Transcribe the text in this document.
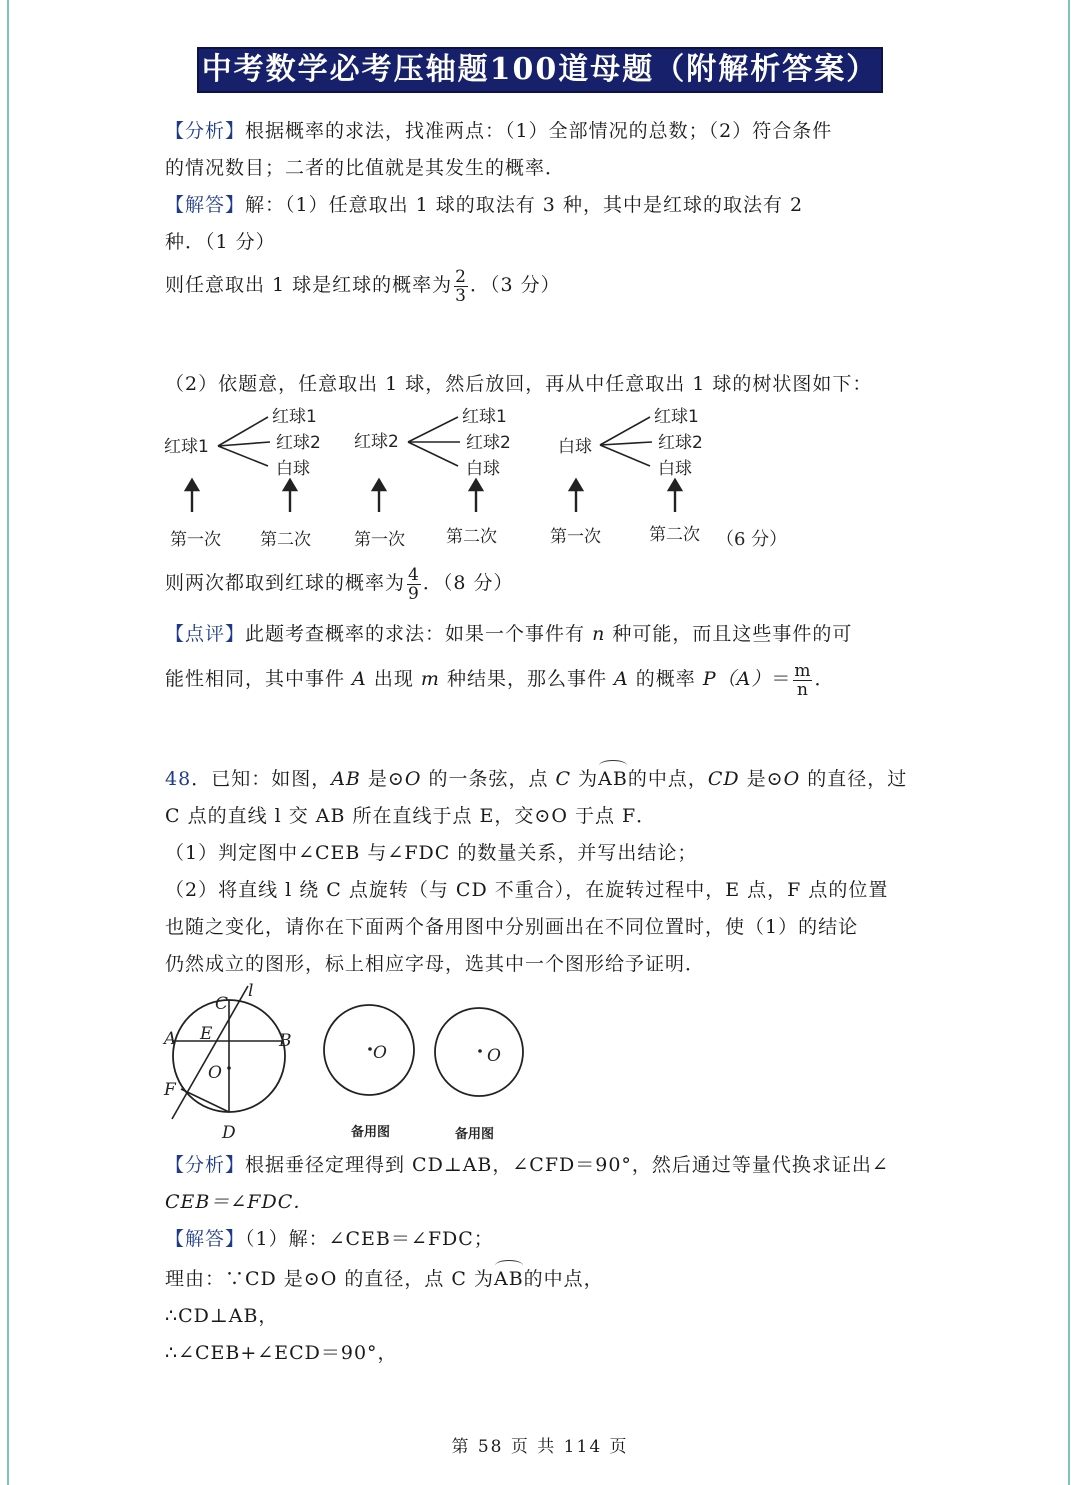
中考数学必考压轴题100道母题（附解析答案）
【分析】根据概率的求法，找准两点：（1）全部情况的总数；（2）符合条件
的情况数目；二者的比值就是其发生的概率．
【解答】解：（1）任意取出 1 球的取法有 3 种，其中是红球的取法有 2
种．（1 分）
则任意取出 1 球是红球的概率为 $\frac{2}{3}$ ．（3 分）
（2）依题意，任意取出 1 球，然后放回，再从中任意取出 1 球的树状图如下：
红球1
红球1
红球2
白球
红球2
红球1
红球2
白球
白球
红球1
红球2
白球
第一次 第二次	第一次 第二次	第一次	第二次 （6 分）
则两次都取到红球的概率为 $\frac{4}{9}$ ．（8 分）
【点评】此题考查概率的求法：如果一个事件有 n 种可能，而且这些事件的可
能性相同，其中事件 A 出现 m 种结果，那么事件 A 的概率 $P(A)= \frac{m}{n}$ ．
48．已知：如图，AB 是⊙O 的一条弦，点 C 为AB的中点，CD 是⊙O 的直径，过
C 点的直线 l 交 AB 所在直线于点 E，交⊙O 于点 F．
（1）判定图中∠CEB 与∠FDC 的数量关系，并写出结论；
（2）将直线 l 绕 C 点旋转（与 CD 不重合），在旋转过程中，E 点，F 点的位置
也随之变化，请你在下面两个备用图中分别画出在不同位置时，使（1）的结论
仍然成立的图形，标上相应字母，选其中一个图形给予证明．
C
l
A E	B
O
F
D
O
备用图
O
备用图
【分析】根据垂径定理得到 CD⊥AB，∠CFD＝90°，然后通过等量代换求证出∠
CEB＝∠FDC．
【解答】（1）解：∠CEB＝∠FDC；
理由：∵CD 是⊙O 的直径，点 C 为AB的中点，
∴CD⊥AB，
∴∠CEB+∠ECD＝90°，
第 58 页 共 114 页
